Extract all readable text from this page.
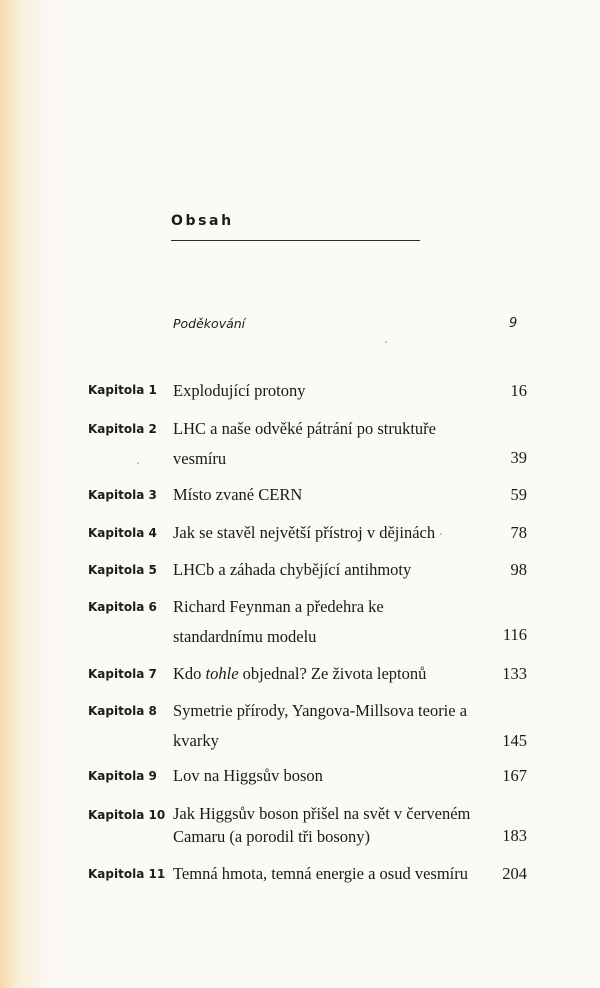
Obsah
Poděkování	9
Kapitola 1 Explodující protony	16
Kapitola 2 LHC a naše odvěké pátrání po struktuře vesmíru	39
Kapitola 3 Místo zvané CERN	59
Kapitola 4 Jak se stavěl největší přístroj v dějinách	78
Kapitola 5 LHCb a záhada chybějící antihmoty	98
Kapitola 6 Richard Feynman a předehra ke standardnímu modelu	116
Kapitola 7 Kdo tohle objednal? Ze života leptonů	133
Kapitola 8 Symetrie přírody, Yangova-Millsova teorie a kvarky	145
Kapitola 9 Lov na Higgsův boson	167
Kapitola 10 Jak Higgsův boson přišel na svět v červeném Camaru (a porodil tři bosony)	183
Kapitola 11 Temná hmota, temná energie a osud vesmíru	204
